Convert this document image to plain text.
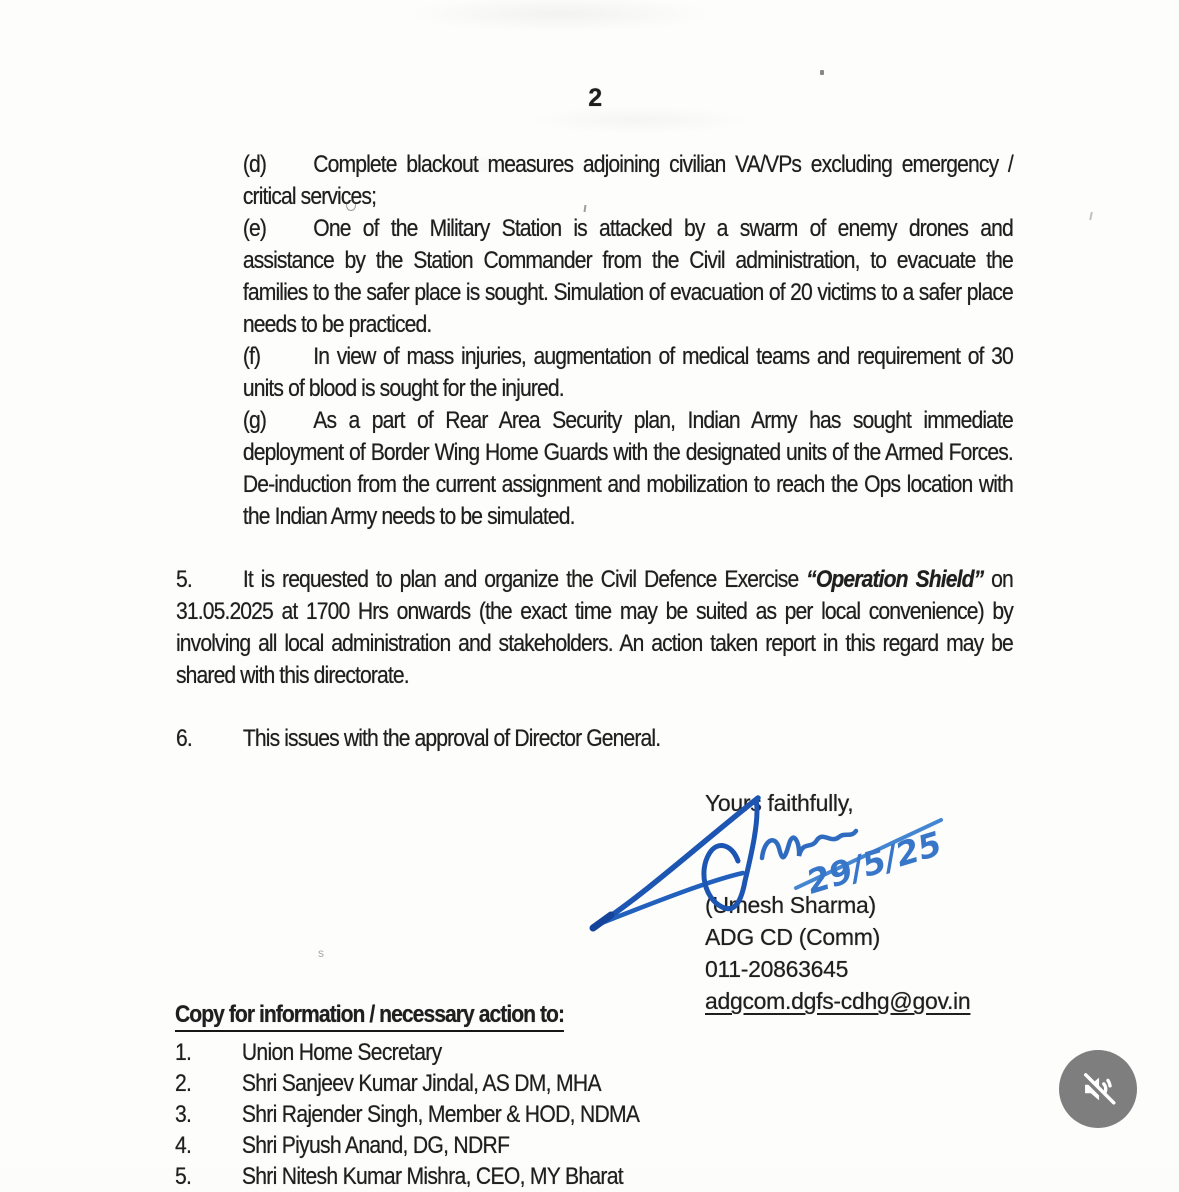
2

(d) Complete blackout measures adjoining civilian VA/VPs excluding emergency / critical services;

(e) One of the Military Station is attacked by a swarm of enemy drones and assistance by the Station Commander from the Civil administration, to evacuate the families to the safer place is sought. Simulation of evacuation of 20 victims to a safer place needs to be practiced.

(f) In view of mass injuries, augmentation of medical teams and requirement of 30 units of blood is sought for the injured.

(g) As a part of Rear Area Security plan, Indian Army has sought immediate deployment of Border Wing Home Guards with the designated units of the Armed Forces. De-induction from the current assignment and mobilization to reach the Ops location with the Indian Army needs to be simulated.

5. It is requested to plan and organize the Civil Defence Exercise “Operation Shield” on 31.05.2025 at 1700 Hrs onwards (the exact time may be suited as per local convenience) by involving all local administration and stakeholders. An action taken report in this regard may be shared with this directorate.

6. This issues with the approval of Director General.

Yours faithfully,
(Umesh Sharma)
ADG CD (Comm)
011-20863645
adgcom.dgfs-cdhg@gov.in
29/5/25
Copy for information / necessary action to:
1.	Union Home Secretary
2.	Shri Sanjeev Kumar Jindal, AS DM, MHA
3.	Shri Rajender Singh, Member & HOD, NDMA
4.	Shri Piyush Anand, DG, NDRF
5.	Shri Nitesh Kumar Mishra, CEO, MY Bharat
s
